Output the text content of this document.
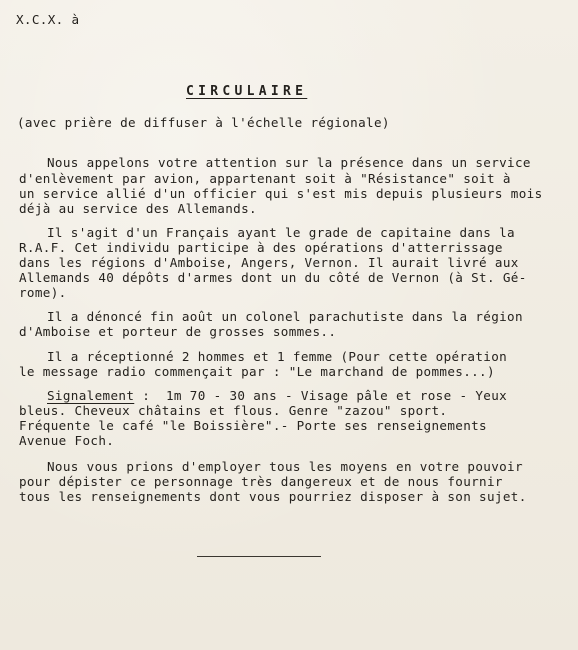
X.C.X. à
CIRCULAIRE
(avec prière de diffuser à l'échelle régionale)
Nous appelons votre attention sur la présence dans un service
d'enlèvement par avion, appartenant soit à "Résistance" soit à
un service allié d'un officier qui s'est mis depuis plusieurs mois
déjà au service des Allemands.
Il s'agit d'un Français ayant le grade de capitaine dans la
R.A.F. Cet individu participe à des opérations d'atterrissage
dans les régions d'Amboise, Angers, Vernon. Il aurait livré aux
Allemands 40 dépôts d'armes dont un du côté de Vernon (à St. Gé-
rome).
Il a dénoncé fin août un colonel parachutiste dans la région
d'Amboise et porteur de grosses sommes..
Il a réceptionné 2 hommes et 1 femme (Pour cette opération
le message radio commençait par : "Le marchand de pommes...)
Signalement :  1m 70 - 30 ans - Visage pâle et rose - Yeux
bleus. Cheveux châtains et flous. Genre "zazou" sport.
Fréquente le café "le Boissière".- Porte ses renseignements
Avenue Foch.
Nous vous prions d'employer tous les moyens en votre pouvoir
pour dépister ce personnage très dangereux et de nous fournir
tous les renseignements dont vous pourriez disposer à son sujet.
